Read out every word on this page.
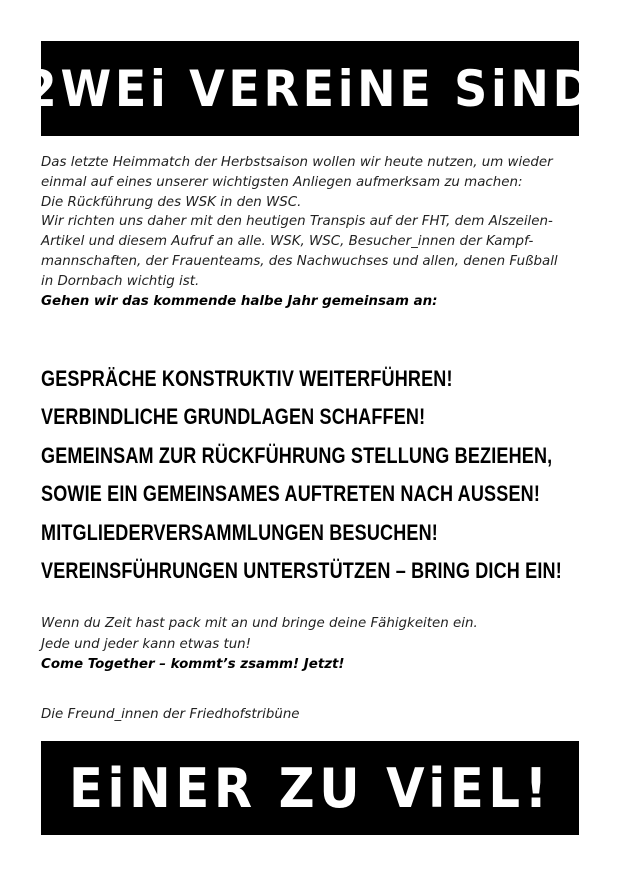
2WEi VEREiNE SiND
Das letzte Heimmatch der Herbstsaison wollen wir heute nutzen, um wieder
einmal auf eines unserer wichtigsten Anliegen aufmerksam zu machen:
Die Rückführung des WSK in den WSC.
Wir richten uns daher mit den heutigen Transpis auf der FHT, dem Alszeilen-
Artikel und diesem Aufruf an alle. WSK, WSC, Besucher_innen der Kampf-
mannschaften, der Frauenteams, des Nachwuchses und allen, denen Fußball
in Dornbach wichtig ist.
Gehen wir das kommende halbe Jahr gemeinsam an:
GESPRÄCHE KONSTRUKTIV WEITERFÜHREN!
VERBINDLICHE GRUNDLAGEN SCHAFFEN!
GEMEINSAM ZUR RÜCKFÜHRUNG STELLUNG BEZIEHEN,
SOWIE EIN GEMEINSAMES AUFTRETEN NACH AUSSEN!
MITGLIEDERVERSAMMLUNGEN BESUCHEN!
VEREINSFÜHRUNGEN UNTERSTÜTZEN – BRING DICH EIN!
Wenn du Zeit hast pack mit an und bringe deine Fähigkeiten ein.
Jede und jeder kann etwas tun!
Come Together – kommt’s zsamm! Jetzt!
Die Freund_innen der Friedhofstribüne
EiNER ZU ViEL!
